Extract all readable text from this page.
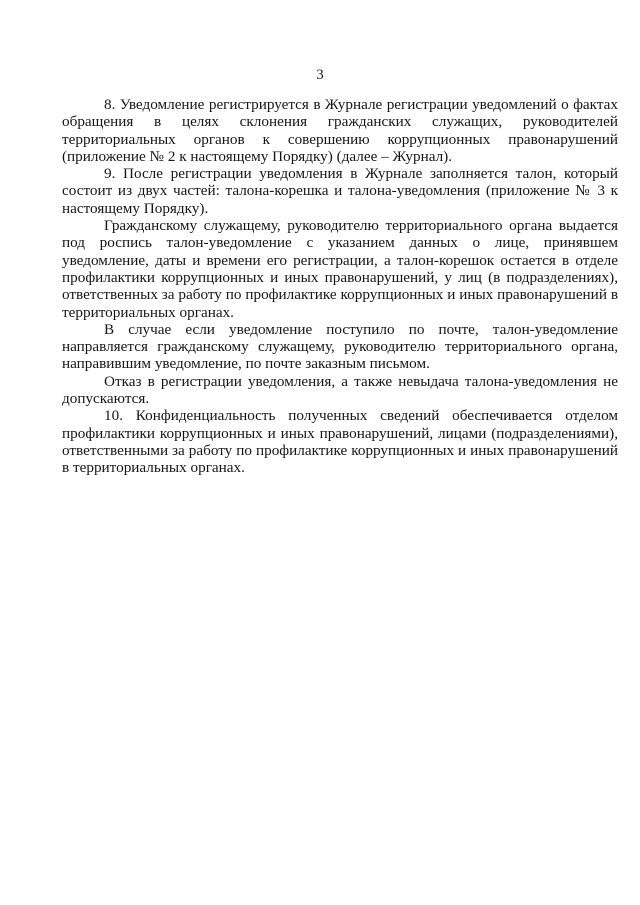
3

8. Уведомление регистрируется в Журнале регистрации уведомлений о фактах обращения в целях склонения гражданских служащих, руководителей территориальных органов к совершению коррупционных правонарушений (приложение № 2 к настоящему Порядку) (далее – Журнал).

9. После регистрации уведомления в Журнале заполняется талон, который состоит из двух частей: талона-корешка и талона-уведомления (приложение № 3 к настоящему Порядку).

Гражданскому служащему, руководителю территориального органа выдается под роспись талон-уведомление с указанием данных о лице, принявшем уведомление, даты и времени его регистрации, а талон-корешок остается в отделе профилактики коррупционных и иных правонарушений, у лиц (в подразделениях), ответственных за работу по профилактике коррупционных и иных правонарушений в территориальных органах.

В случае если уведомление поступило по почте, талон-уведомление направляется гражданскому служащему, руководителю территориального органа, направившим уведомление, по почте заказным письмом.

Отказ в регистрации уведомления, а также невыдача талона-уведомления не допускаются.

10. Конфиденциальность полученных сведений обеспечивается отделом профилактики коррупционных и иных правонарушений, лицами (подразделениями), ответственными за работу по профилактике коррупционных и иных правонарушений в территориальных органах.
